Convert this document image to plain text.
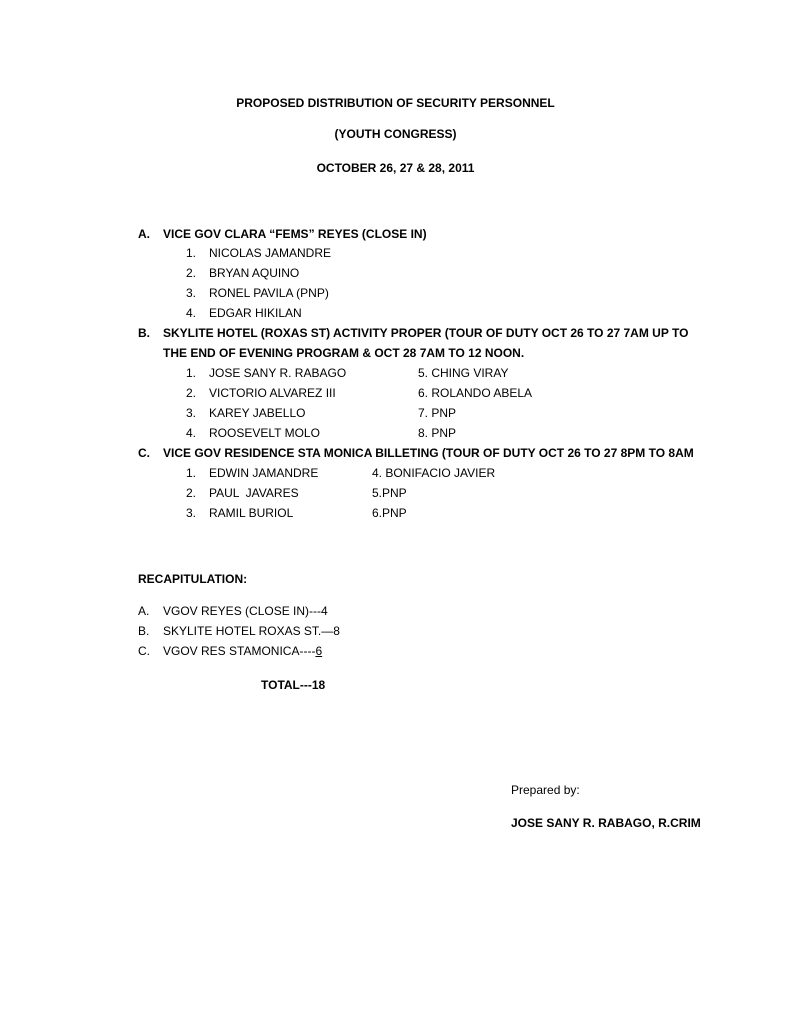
PROPOSED DISTRIBUTION OF SECURITY PERSONNEL
(YOUTH CONGRESS)
OCTOBER 26, 27 & 28, 2011
A. VICE GOV CLARA “FEMS” REYES (CLOSE IN)
1. NICOLAS JAMANDRE
2. BRYAN AQUINO
3. RONEL PAVILA (PNP)
4. EDGAR HIKILAN
B. SKYLITE HOTEL (ROXAS ST) ACTIVITY PROPER (TOUR OF DUTY OCT 26 TO 27 7AM UP TO
THE END OF EVENING PROGRAM & OCT 28 7AM TO 12 NOON.
1. JOSE SANY R. RABAGO	5. CHING VIRAY
2. VICTORIO ALVAREZ III	6. ROLANDO ABELA
3. KAREY JABELLO	7. PNP
4. ROOSEVELT MOLO	8. PNP
C. VICE GOV RESIDENCE STA MONICA BILLETING (TOUR OF DUTY OCT 26 TO 27 8PM TO 8AM
1. EDWIN JAMANDRE	4. BONIFACIO JAVIER
2. PAUL  JAVARES	5.PNP
3. RAMIL BURIOL	6.PNP
RECAPITULATION:
A. VGOV REYES (CLOSE IN)---4
B. SKYLITE HOTEL ROXAS ST.—8
C. VGOV RES STAMONICA----6
TOTAL---18
Prepared by:
JOSE SANY R. RABAGO, R.CRIM
